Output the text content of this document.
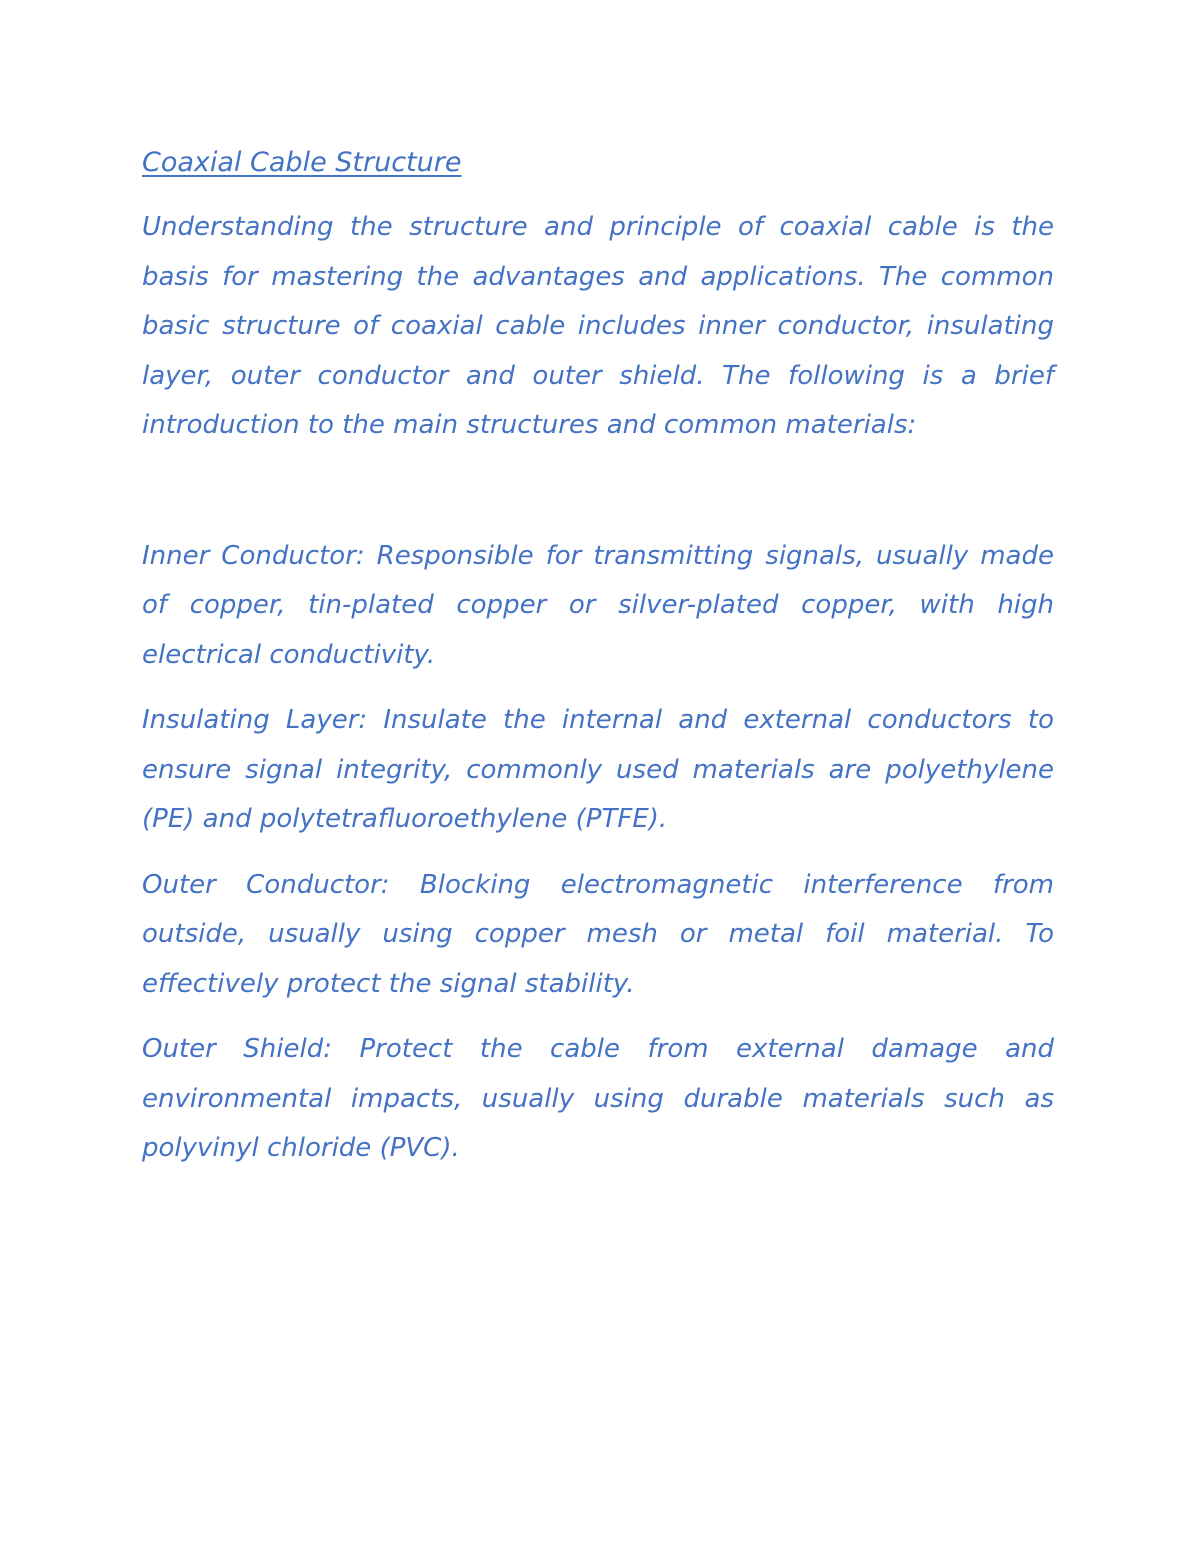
Coaxial Cable Structure

Understanding the structure and principle of coaxial cable is the basis for mastering the advantages and applications. The common basic structure of coaxial cable includes inner conductor, insulating layer, outer conductor and outer shield. The following is a brief introduction to the main structures and common materials:

Inner Conductor: Responsible for transmitting signals, usually made of copper, tin-plated copper or silver-plated copper, with high electrical conductivity.

Insulating Layer: Insulate the internal and external conductors to ensure signal integrity, commonly used materials are polyethylene (PE) and polytetrafluoroethylene (PTFE).

Outer Conductor: Blocking electromagnetic interference from outside, usually using copper mesh or metal foil material. To effectively protect the signal stability.

Outer Shield: Protect the cable from external damage and environmental impacts, usually using durable materials such as polyvinyl chloride (PVC).
